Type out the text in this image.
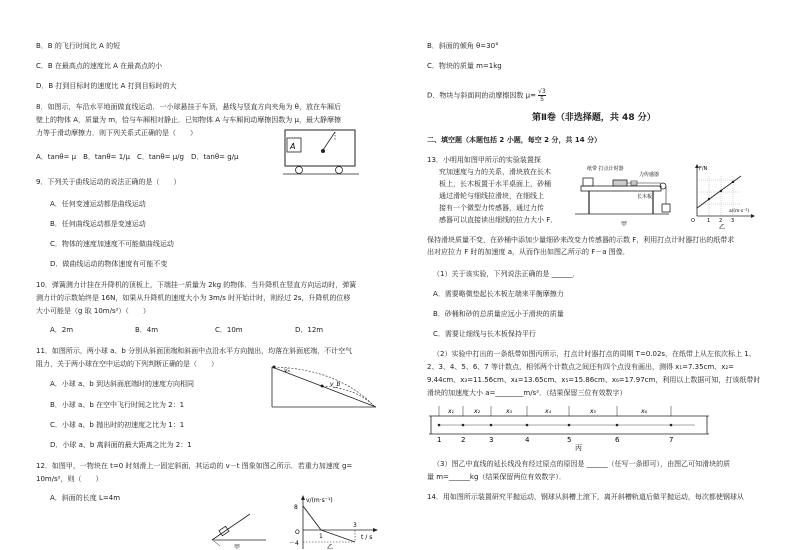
B．B 的飞行时间比 A 的短
C．B 在最高点的速度比 A 在最高点的小
D．B 打到目标时的速度比 A 打到目标时的大
8．如图示，车沿水平地面做直线运动．一小球悬挂于车顶，悬线与竖直方向夹角为 θ，放在车厢后
壁上的物体 A，质量为 m，恰与车厢相对静止．已知物体 A 与车厢间动摩擦因数为 μ，最大静摩擦
力等于滑动摩擦力．则下列关系式正确的是（　　）
A．tanθ= μ　B．tanθ= 1/μ　C．tanθ= μ/g　D．tanθ= g/μ
A
9．下列关于曲线运动的说法正确的是（　　）
A．任何变速运动都是曲线运动
B．任何曲线运动都是变速运动
C．物体的速度加速度不可能做曲线运动
D．做曲线运动的物体速度有可能不变
10．弹簧测力计挂在升降机的顶板上，下端挂一质量为 2kg 的物体．当升降机在竖直方向运动时，弹簧
测力计的示数始终是 16N，如果从升降机的速度大小为 3m/s 时开始计时，则经过 2s，升降机的位移
大小可能是（g 取 10m/s²）（　　）
A．2m	B．4m	C．10m	D．12m
11．如图所示，两小球 a、b 分别从斜面顶端和斜面中点沿水平方向抛出，均落在斜面底端，不计空气
阻力，关于两小球在空中运动的下列判断正确的是（　　）
A．小球 a、b 到达斜面底端时的速度方向相同
B．小球 a、b 在空中飞行时间之比为 2：1
C．小球 a、b 抛出时的初速度之比为 1：1
D．小球 a、b 离斜面的最大距离之比为 2：1
vₐ
v_b
12．如图甲，一物块在 t=0 时刻滑上一固定斜面，其运动的 v－t 图象如图乙所示．若重力加速度 g=
10m/s²，则（　　）
A．斜面的长度 L=4m
甲
v/(m·s⁻¹)
t / s
8
O
－4
1
3
乙
B．斜面的倾角 θ=30°
C．物块的质量 m=1kg
D．物块与斜面间的动摩擦因数 $\mu= \frac{√3}{5}$
第Ⅱ卷（非选择题，共 48 分）
二、填空题（本题包括 2 小题，每空 2 分，共 14 分）
13．小明用如图甲所示的实验装置探
究加速度与力的关系，滑块放在长木
板上，长木板置于水平桌面上，砂桶
通过滑轮与细线拉滑块，在细线上
接有一个微型力传感器，通过力传
感器可以直接读出细线的拉力大小 F．
保持滑块质量不变，在砂桶中添加少量细砂来改变力传感器的示数 F，利用打点计时器打出的纸带求
出对应拉力 F 时的加速度 a，从而作出如图乙所示的 F－a 图像．
纸带 打点计时器
力传感器
长木板
甲
F/N
a/(m·s⁻²)
O 1 2 3
乙
（1）关于该实验，下列说法正确的是 ______．
A．需要略微垫起长木板左端来平衡摩擦力
B．砂桶和砂的总质量应远小于滑块的质量
C．需要让细线与长木板保持平行
（2）实验中打出的一条纸带如图丙所示，打点计时器打点的周期 T=0.02s，在纸带上从左依次标上 1、
2、3、4、5、6、7 等计数点，相邻两个计数点之间还有四个点没有画出，测得 x₁=7.35cm、x₂=
9.44cm、x₃=11.56cm、x₄=13.65cm、x₅=15.86cm、x₆=17.97cm，利用以上数据可知，打该纸带时
滑块的加速度大小 a=________m/s²．（结果保留三位有效数字）
1	2	3	4	5	6	7
x₁	x₂	x₃	x₄	x₅	x₆
丙
（3）图乙中直线的延长线没有经过原点的原因是 ______（任写一条即可），由图乙可知滑块的质
量 m=______kg（结果保留两位有效数字）．
14．用如图所示装置研究平抛运动，钢球从斜槽上滚下，离开斜槽轨道后做平抛运动，每次都使钢球从
